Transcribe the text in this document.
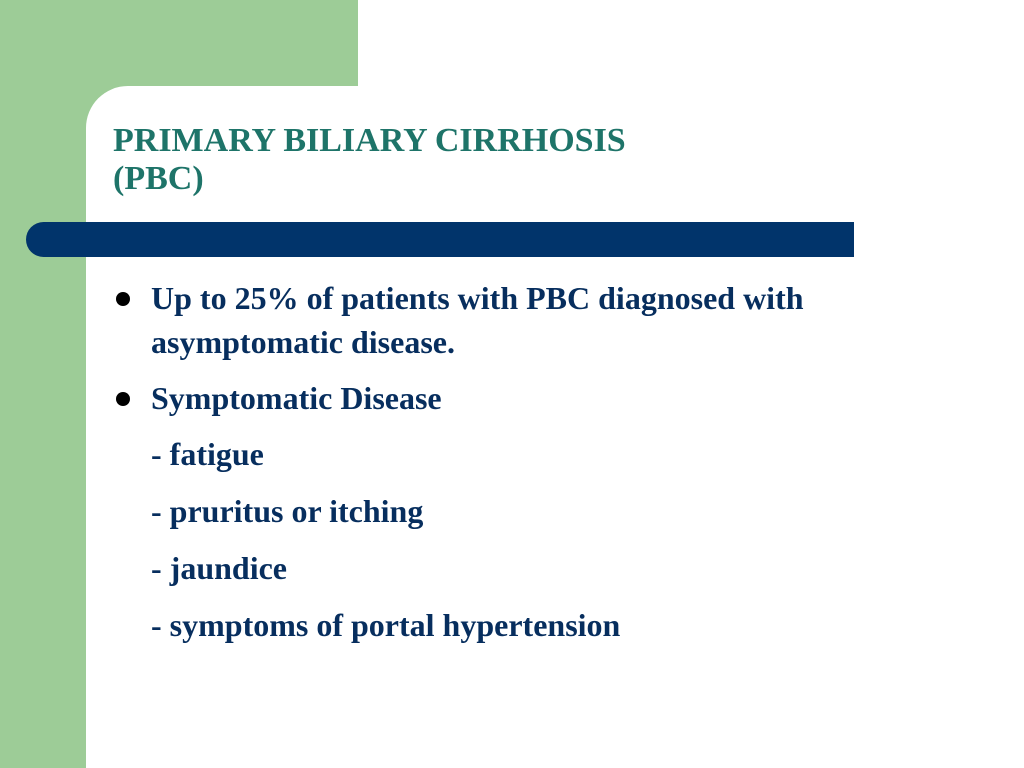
PRIMARY BILIARY CIRRHOSIS
(PBC)
Up to 25% of patients with PBC diagnosed with asymptomatic disease.
Symptomatic Disease
- fatigue
- pruritus or itching
- jaundice
- symptoms of portal hypertension
